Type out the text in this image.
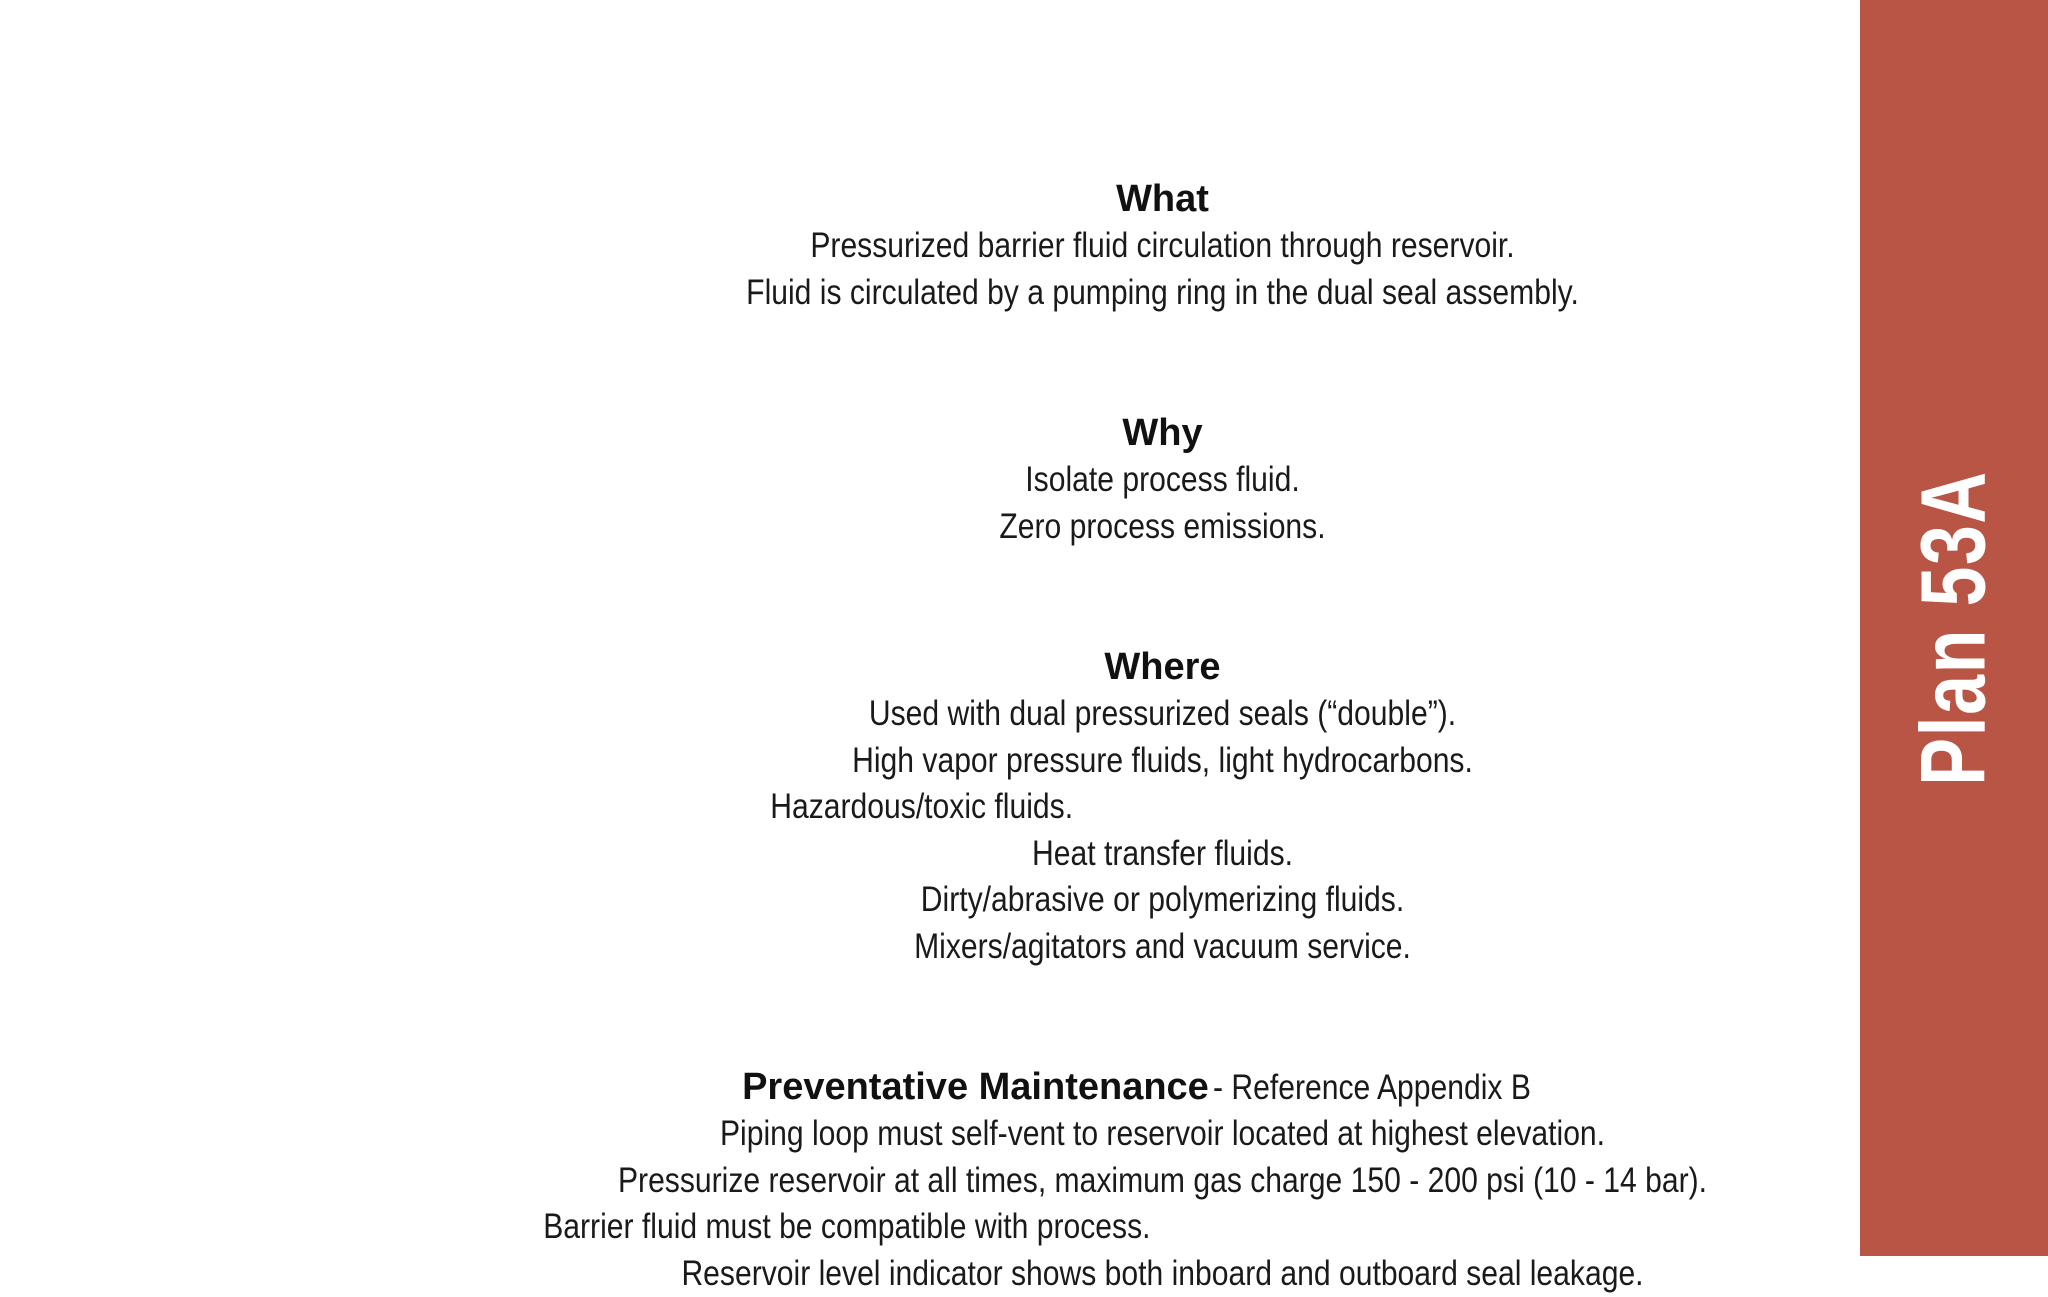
What
Pressurized barrier fluid circulation through reservoir.
Fluid is circulated by a pumping ring in the dual seal assembly.
Why
Isolate process fluid.
Zero process emissions.
Where
Used with dual pressurized seals (“double”).
High vapor pressure fluids, light hydrocarbons.
Hazardous/toxic fluids.
Heat transfer fluids.
Dirty/abrasive or polymerizing fluids.
Mixers/agitators and vacuum service.
Preventative Maintenance - Reference Appendix B
Piping loop must self-vent to reservoir located at highest elevation.
Pressurize reservoir at all times, maximum gas charge 150 - 200 psi (10 - 14 bar).
Barrier fluid must be compatible with process.
Reservoir level indicator shows both inboard and outboard seal leakage.
Plan 53A
